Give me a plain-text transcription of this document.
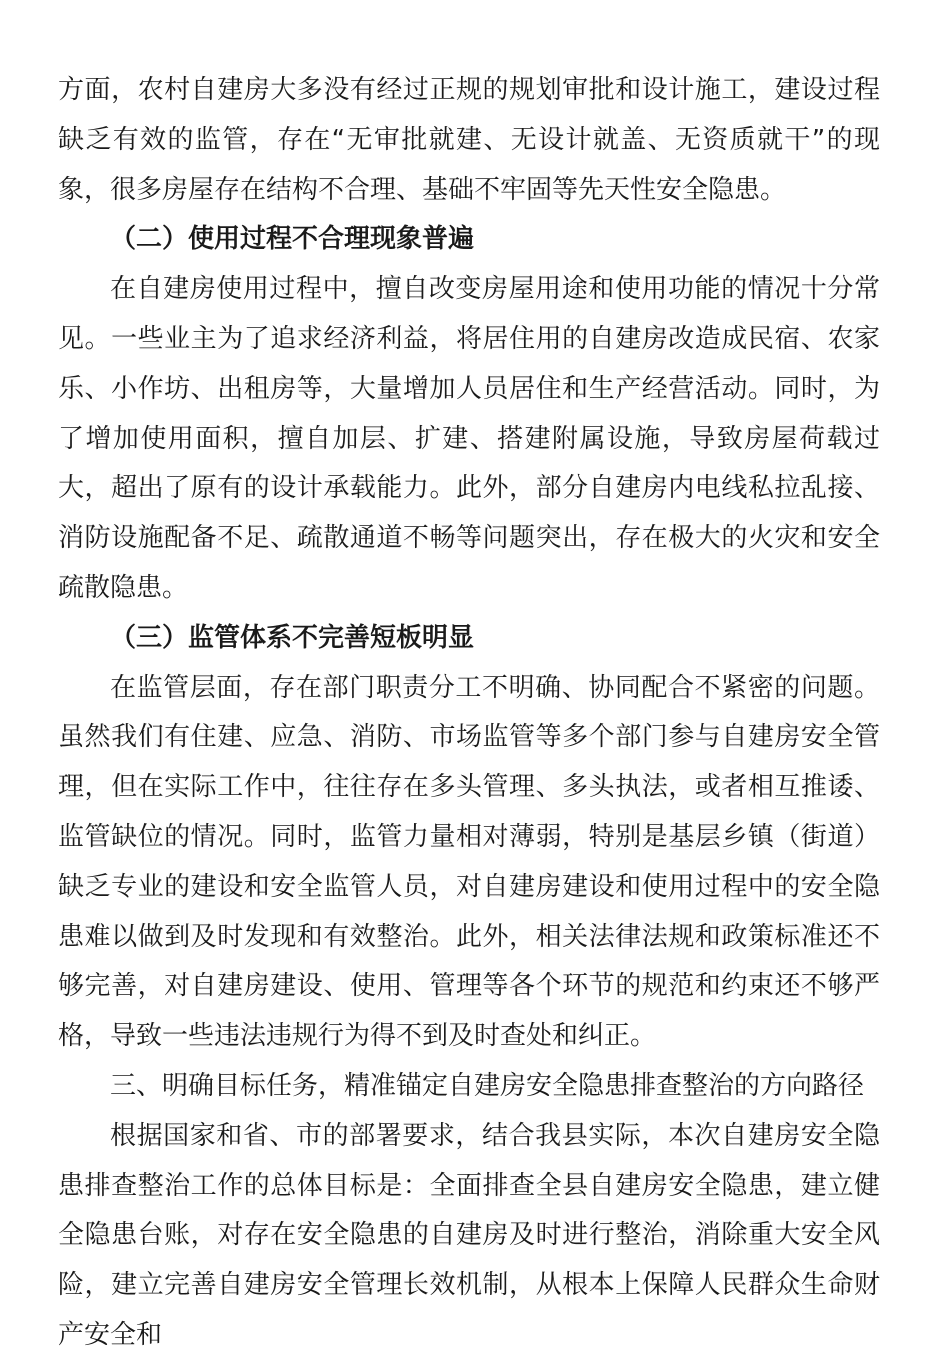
方面，农村自建房大多没有经过正规的规划审批和设计施工，建设过程缺乏有效的监管，存在“无审批就建、无设计就盖、无资质就干”的现象，很多房屋存在结构不合理、基础不牢固等先天性安全隐患。

（二）使用过程不合理现象普遍

在自建房使用过程中，擅自改变房屋用途和使用功能的情况十分常见。一些业主为了追求经济利益，将居住用的自建房改造成民宿、农家乐、小作坊、出租房等，大量增加人员居住和生产经营活动。同时，为了增加使用面积，擅自加层、扩建、搭建附属设施，导致房屋荷载过大，超出了原有的设计承载能力。此外，部分自建房内电线私拉乱接、消防设施配备不足、疏散通道不畅等问题突出，存在极大的火灾和安全疏散隐患。

（三）监管体系不完善短板明显

在监管层面，存在部门职责分工不明确、协同配合不紧密的问题。虽然我们有住建、应急、消防、市场监管等多个部门参与自建房安全管理，但在实际工作中，往往存在多头管理、多头执法，或者相互推诿、监管缺位的情况。同时，监管力量相对薄弱，特别是基层乡镇（街道）缺乏专业的建设和安全监管人员，对自建房建设和使用过程中的安全隐患难以做到及时发现和有效整治。此外，相关法律法规和政策标准还不够完善，对自建房建设、使用、管理等各个环节的规范和约束还不够严格，导致一些违法违规行为得不到及时查处和纠正。

三、明确目标任务，精准锚定自建房安全隐患排查整治的方向路径

根据国家和省、市的部署要求，结合我县实际，本次自建房安全隐患排查整治工作的总体目标是：全面排查全县自建房安全隐患，建立健全隐患台账，对存在安全隐患的自建房及时进行整治，消除重大安全风险，建立完善自建房安全管理长效机制，从根本上保障人民群众生命财产安全和
